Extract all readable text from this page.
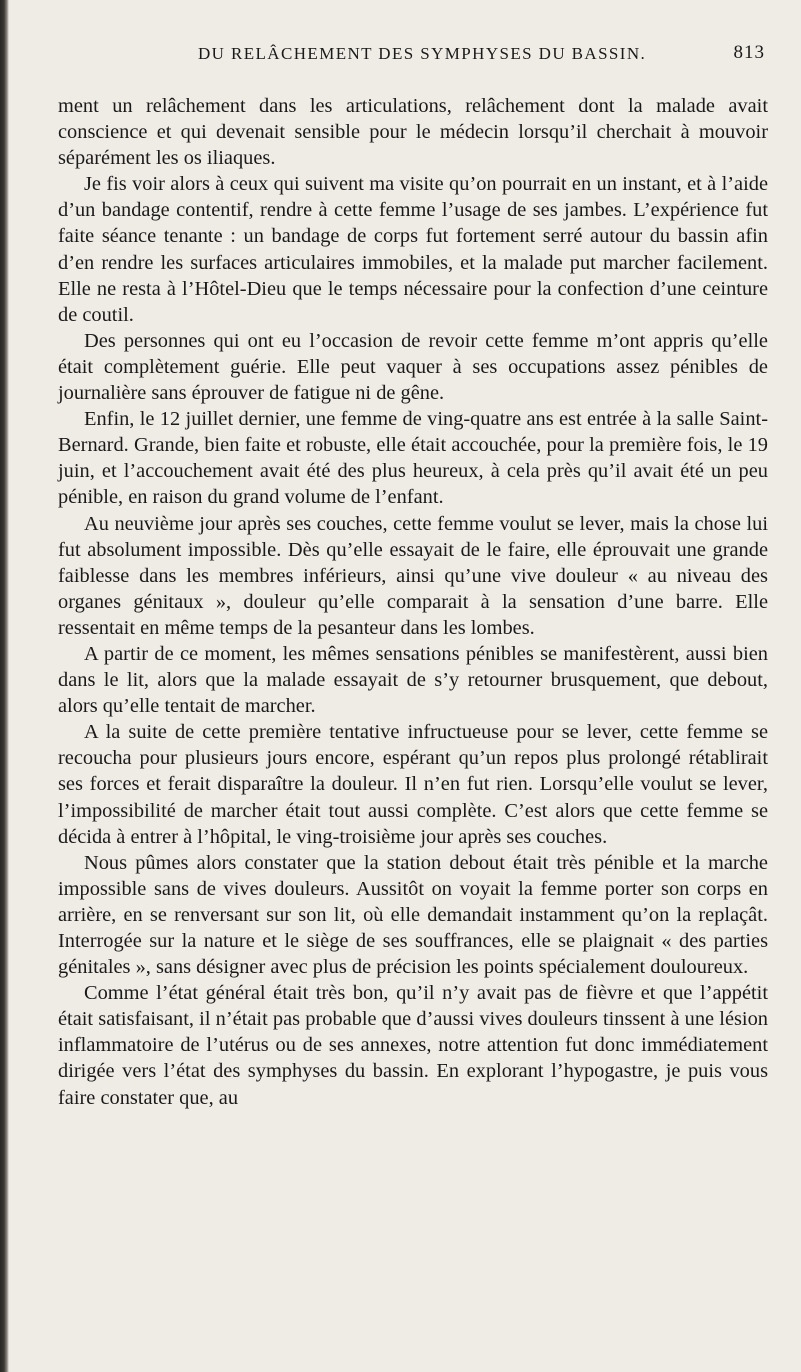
DU RELÂCHEMENT DES SYMPHYSES DU BASSIN.	813

ment un relâchement dans les articulations, relâchement dont la malade avait conscience et qui devenait sensible pour le médecin lorsqu’il cherchait à mouvoir séparément les os iliaques.

Je fis voir alors à ceux qui suivent ma visite qu’on pourrait en un instant, et à l’aide d’un bandage contentif, rendre à cette femme l’usage de ses jambes. L’expérience fut faite séance tenante : un bandage de corps fut fortement serré autour du bassin afin d’en rendre les surfaces articulaires immobiles, et la malade put marcher facilement. Elle ne resta à l’Hôtel-Dieu que le temps nécessaire pour la confection d’une ceinture de coutil.

Des personnes qui ont eu l’occasion de revoir cette femme m’ont appris qu’elle était complètement guérie. Elle peut vaquer à ses occupations assez pénibles de journalière sans éprouver de fatigue ni de gêne.

Enfin, le 12 juillet dernier, une femme de ving-quatre ans est entrée à la salle Saint-Bernard. Grande, bien faite et robuste, elle était accouchée, pour la première fois, le 19 juin, et l’accouchement avait été des plus heureux, à cela près qu’il avait été un peu pénible, en raison du grand volume de l’enfant.

Au neuvième jour après ses couches, cette femme voulut se lever, mais la chose lui fut absolument impossible. Dès qu’elle essayait de le faire, elle éprouvait une grande faiblesse dans les membres inférieurs, ainsi qu’une vive douleur « au niveau des organes génitaux », douleur qu’elle comparait à la sensation d’une barre. Elle ressentait en même temps de la pesanteur dans les lombes.

A partir de ce moment, les mêmes sensations pénibles se manifestèrent, aussi bien dans le lit, alors que la malade essayait de s’y retourner brusquement, que debout, alors qu’elle tentait de marcher.

A la suite de cette première tentative infructueuse pour se lever, cette femme se recoucha pour plusieurs jours encore, espérant qu’un repos plus prolongé rétablirait ses forces et ferait disparaître la douleur. Il n’en fut rien. Lorsqu’elle voulut se lever, l’impossibilité de marcher était tout aussi complète. C’est alors que cette femme se décida à entrer à l’hôpital, le ving-troisième jour après ses couches.

Nous pûmes alors constater que la station debout était très pénible et la marche impossible sans de vives douleurs. Aussitôt on voyait la femme porter son corps en arrière, en se renversant sur son lit, où elle demandait instamment qu’on la replaçât. Interrogée sur la nature et le siège de ses souffrances, elle se plaignait « des parties génitales », sans désigner avec plus de précision les points spécialement douloureux.

Comme l’état général était très bon, qu’il n’y avait pas de fièvre et que l’appétit était satisfaisant, il n’était pas probable que d’aussi vives douleurs tinssent à une lésion inflammatoire de l’utérus ou de ses annexes, notre attention fut donc immédiatement dirigée vers l’état des symphyses du bassin. En explorant l’hypogastre, je puis vous faire constater que, au
